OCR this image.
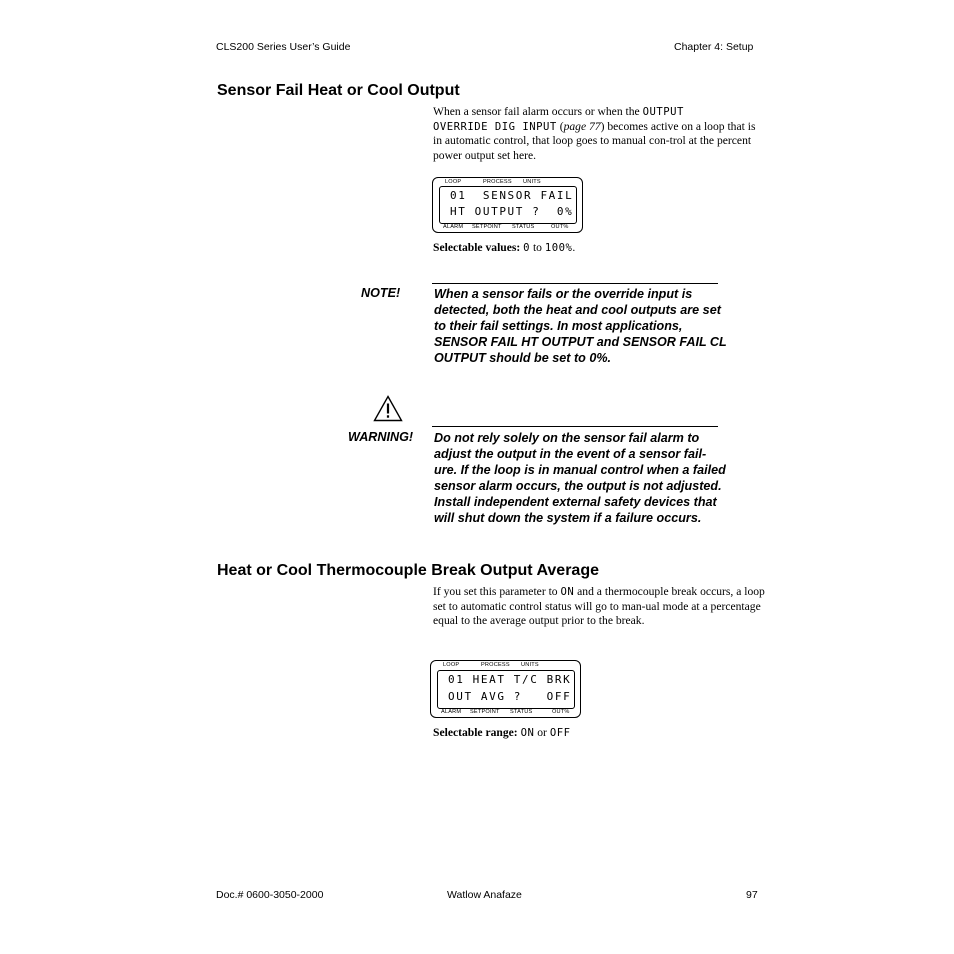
CLS200 Series User’s Guide	Chapter 4: Setup
Sensor Fail Heat or Cool Output
When a sensor fail alarm occurs or when the OUTPUT
OVERRIDE DIG INPUT (page 77) becomes active on a loop that is in automatic control, that loop goes to manual con-trol at the percent power output set here.
LOOP	PROCESS UNITS
01  SENSOR FAIL
HT OUTPUT ?  0%
ALARM SETPOINT STATUS	OUT%
Selectable values: 0 to 100%.
NOTE!	When a sensor fails or the override input is detected, both the heat and cool outputs are set to their fail settings. In most applications, SENSOR FAIL HT OUTPUT and SENSOR FAIL CL OUTPUT should be set to 0%.
WARNING! Do not rely solely on the sensor fail alarm to adjust the output in the event of a sensor fail-ure. If the loop is in manual control when a failed sensor alarm occurs, the output is not adjusted. Install independent external safety devices that will shut down the system if a failure occurs.
Heat or Cool Thermocouple Break Output Average
If you set this parameter to ON and a thermocouple break occurs, a loop set to automatic control status will go to man-ual mode at a percentage equal to the average output prior to the break.
LOOP	PROCESS UNITS
01 HEAT T/C BRK
OUT AVG ?   OFF
ALARM SETPOINT STATUS	OUT%
Selectable range: ON or OFF
Doc.# 0600-3050-2000	Watlow Anafaze	97
